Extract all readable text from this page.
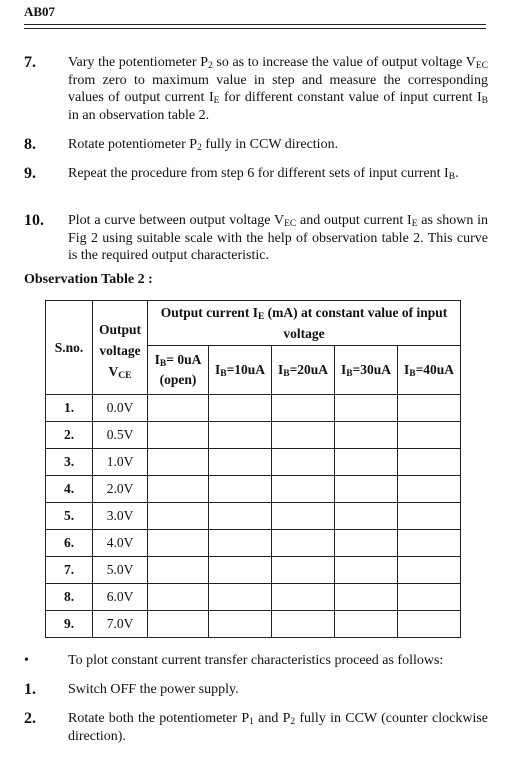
AB07
7. Vary the potentiometer $P_2$ so as to increase the value of output voltage $V_{EC}$ from zero to maximum value in step and measure the corresponding values of output current $I_E$ for different constant value of input current $I_B$ in an observation table 2.
8. Rotate potentiometer $P_2$ fully in CCW direction.
9. Repeat the procedure from step 6 for different sets of input current $I_B$.
10. Plot a curve between output voltage $V_{EC}$ and output current $I_E$ as shown in Fig 2 using suitable scale with the help of observation table 2. This curve is the required output characteristic.
Observation Table 2 :
S.no.	Output
voltage
$V_{CE}$	Output current $I_E$ (mA) at constant value of input voltage				
		$I_B= 0uA$ (open)	$I_B=10uA$	$I_B=20uA$	$I_B=30uA$	$I_B=40uA$
1.	0.0V					
2.	0.5V					
3.	1.0V					
4.	2.0V					
5.	3.0V					
6.	4.0V					
7.	5.0V					
8.	6.0V					
9.	7.0V					
•	To plot constant current transfer characteristics proceed as follows:
1. Switch OFF the power supply.
2. Rotate both the potentiometer $P_1$ and $P_2$ fully in CCW (counter clockwise direction).
